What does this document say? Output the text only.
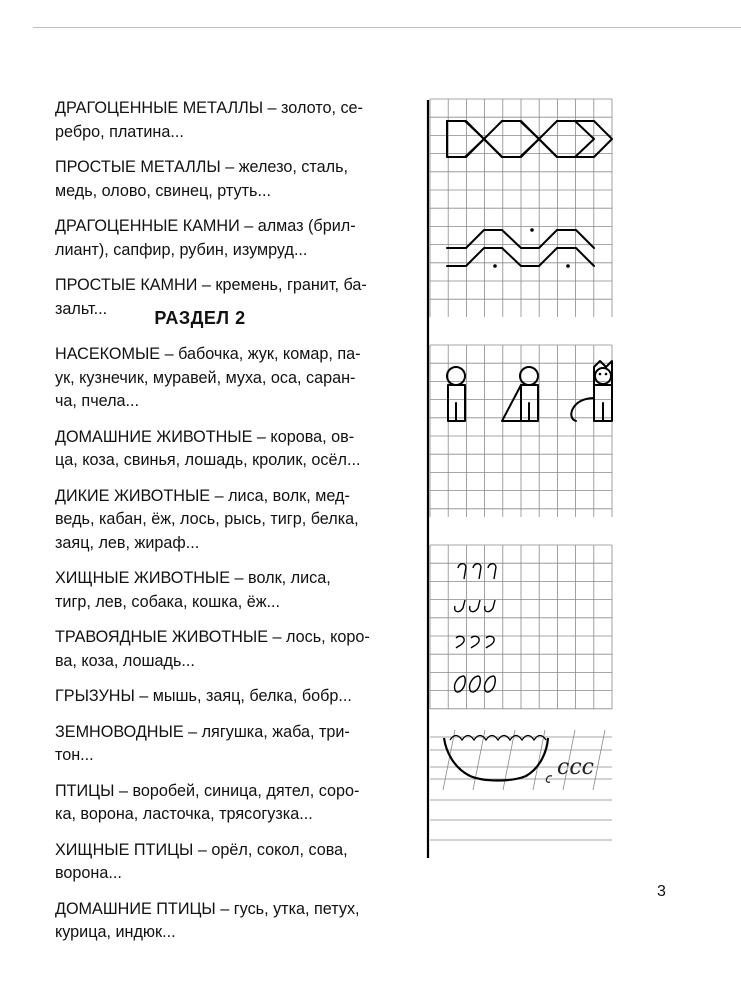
ДРАГОЦЕННЫЕ МЕТАЛЛЫ – золото, се-
ребро, платина...
ПРОСТЫЕ МЕТАЛЛЫ – железо, сталь,
медь, олово, свинец, ртуть...
ДРАГОЦЕННЫЕ КАМНИ – алмаз (брил-
лиант), сапфир, рубин, изумруд...
ПРОСТЫЕ КАМНИ – кремень, гранит, ба-
зальт...	РАЗДЕЛ 2
НАСЕКОМЫЕ – бабочка, жук, комар, па-
ук, кузнечик, муравей, муха, оса, саран-
ча, пчела...
ДОМАШНИЕ ЖИВОТНЫЕ – корова, ов-
ца, коза, свинья, лошадь, кролик, осёл...
ДИКИЕ ЖИВОТНЫЕ – лиса, волк, мед-
ведь, кабан, ёж, лось, рысь, тигр, белка,
заяц, лев, жираф...
ХИЩНЫЕ ЖИВОТНЫЕ – волк, лиса,
тигр, лев, собака, кошка, ёж...
ТРАВОЯДНЫЕ ЖИВОТНЫЕ – лось, коро-
ва, коза, лошадь...
ГРЫЗУНЫ – мышь, заяц, белка, бобр...
ЗЕМНОВОДНЫЕ – лягушка, жаба, три-
тон...
ПТИЦЫ – воробей, синица, дятел, соро-
ка, ворона, ласточка, трясогузка...
ХИЩНЫЕ ПТИЦЫ – орёл, сокол, сова,
ворона...
ДОМАШНИЕ ПТИЦЫ – гусь, утка, петух,
курица, индюк...
ccc
3
